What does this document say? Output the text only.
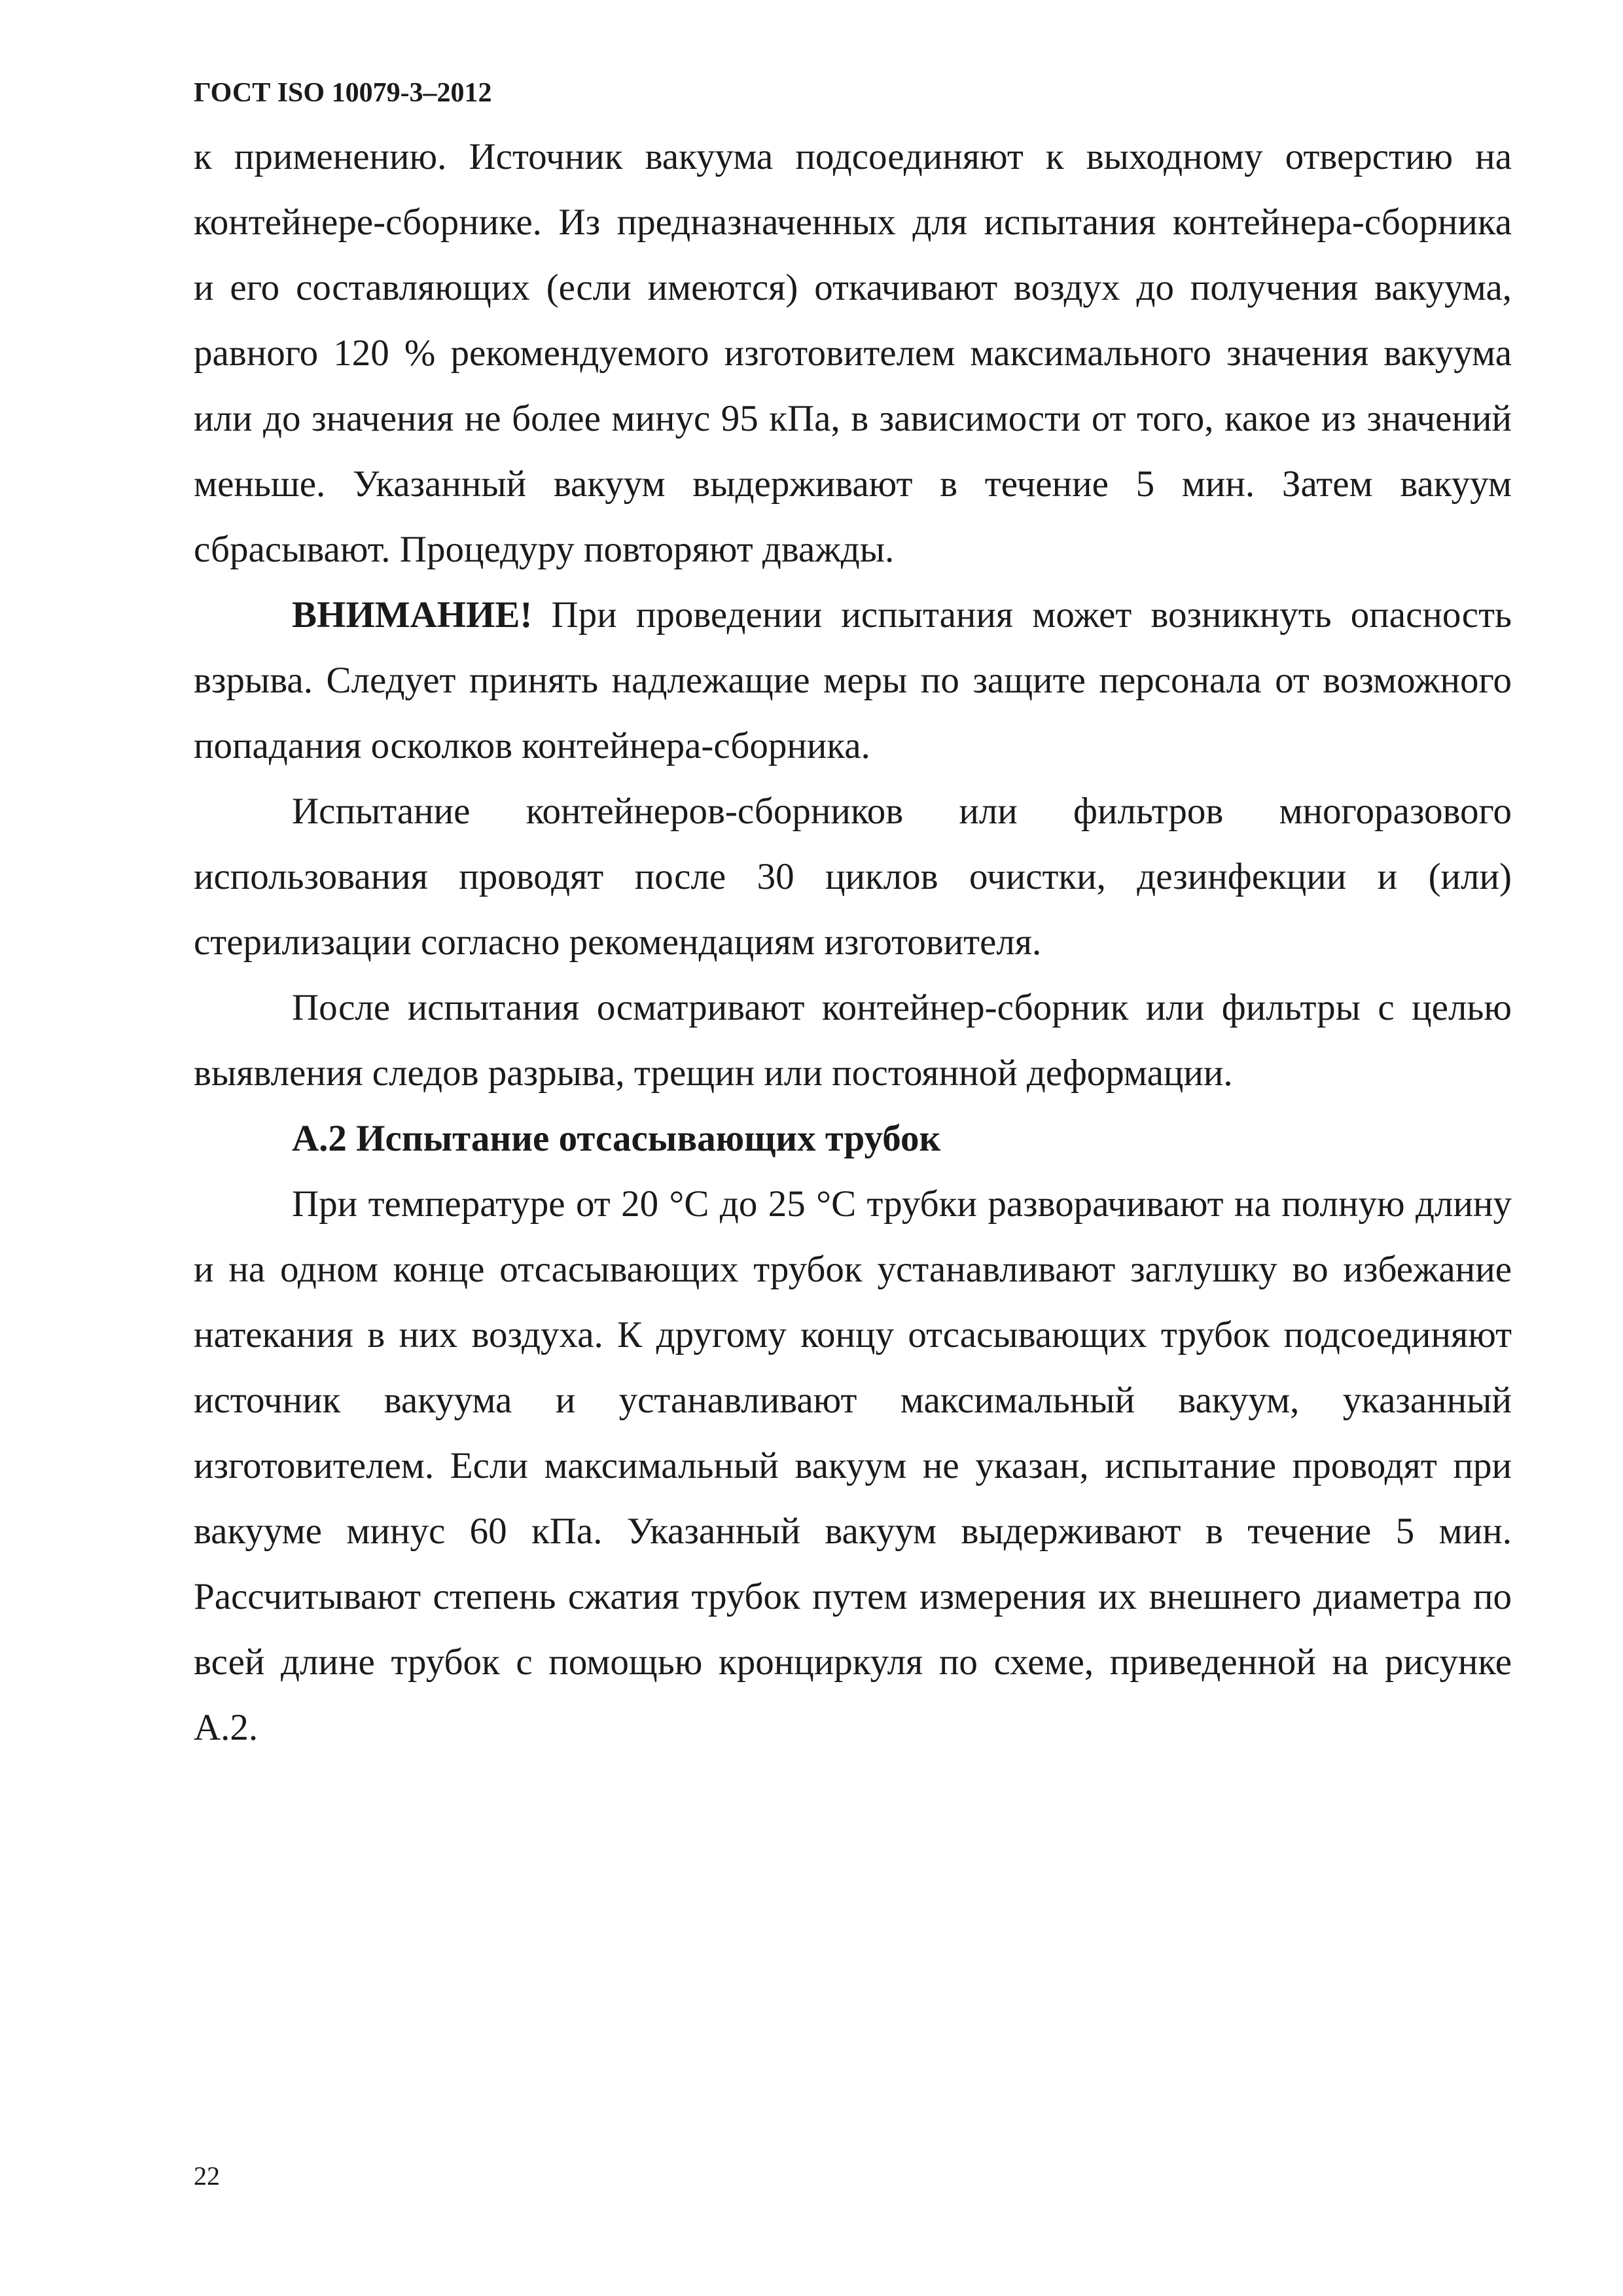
ГОСТ ISO 10079-3–2012
к применению. Источник вакуума подсоединяют к выходному отверстию на
контейнере-сборнике. Из предназначенных для испытания контейнера-сборника
и его составляющих (если имеются) откачивают воздух до получения вакуума,
равного 120 % рекомендуемого изготовителем максимального значения вакуума
или до значения не более минус 95 кПа, в зависимости от того, какое из значений
меньше. Указанный вакуум выдерживают в течение 5 мин. Затем вакуум
сбрасывают. Процедуру повторяют дважды.
ВНИМАНИЕ! При проведении испытания может возникнуть опасность
взрыва. Следует принять надлежащие меры по защите персонала от возможного
попадания осколков контейнера-сборника.
Испытание контейнеров-сборников или фильтров многоразового
использования проводят после 30 циклов очистки, дезинфекции и (или)
стерилизации согласно рекомендациям изготовителя.
После испытания осматривают контейнер-сборник или фильтры с целью
выявления следов разрыва, трещин или постоянной деформации.
А.2 Испытание отсасывающих трубок
При температуре от 20 °С до 25 °С трубки разворачивают на полную длину
и на одном конце отсасывающих трубок устанавливают заглушку во избежание
натекания в них воздуха. К другому концу отсасывающих трубок подсоединяют
источник вакуума и устанавливают максимальный вакуум, указанный
изготовителем. Если максимальный вакуум не указан, испытание проводят при
вакууме минус 60 кПа. Указанный вакуум выдерживают в течение 5 мин.
Рассчитывают степень сжатия трубок путем измерения их внешнего диаметра по
всей длине трубок с помощью кронциркуля по схеме, приведенной на рисунке
А.2.
22
